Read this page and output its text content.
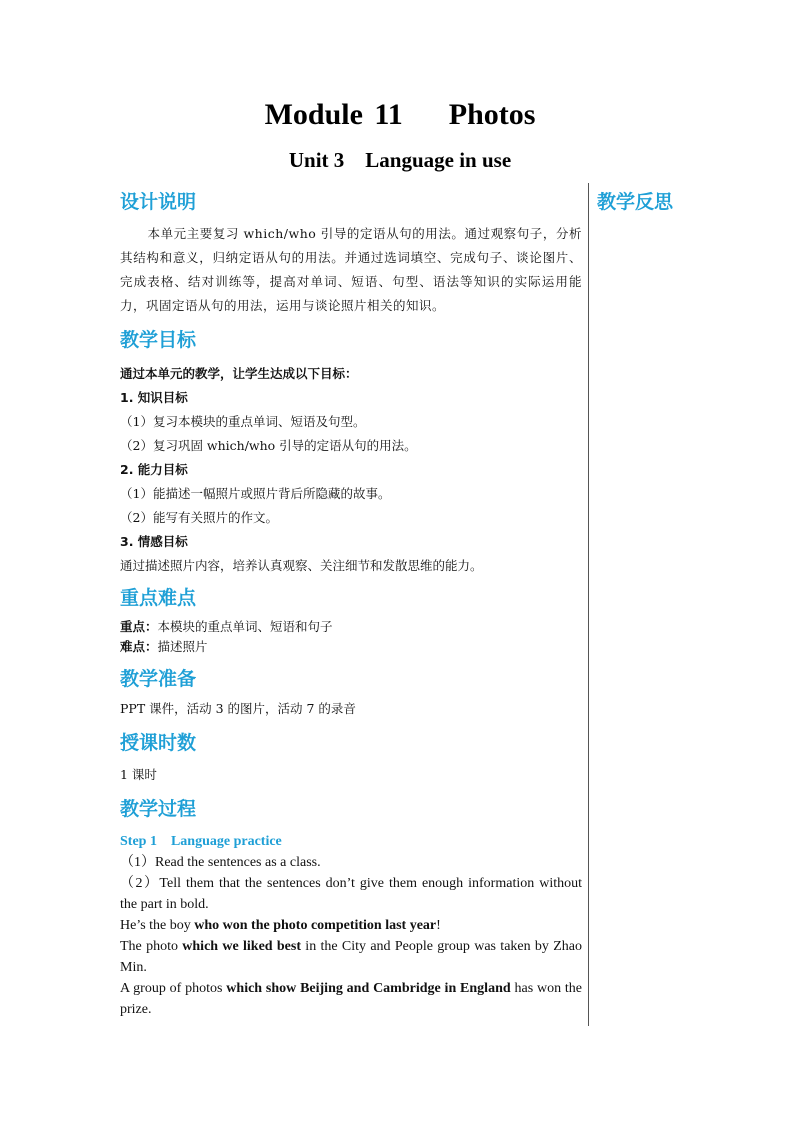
Module 11    Photos
Unit 3    Language in use
教学反思
设计说明

本单元主要复习 which/who 引导的定语从句的用法。通过观察句子，分析其结构和意义，归纳定语从句的用法。并通过选词填空、完成句子、谈论图片、完成表格、结对训练等，提高对单词、短语、句型、语法等知识的实际运用能力，巩固定语从句的用法，运用与谈论照片相关的知识。

教学目标

通过本单元的教学，让学生达成以下目标：

1. 知识目标

（1）复习本模块的重点单词、短语及句型。

（2）复习巩固 which/who 引导的定语从句的用法。

2. 能力目标

（1）能描述一幅照片或照片背后所隐藏的故事。

（2）能写有关照片的作文。

3. 情感目标

通过描述照片内容，培养认真观察、关注细节和发散思维的能力。

重点难点

重点：本模块的重点单词、短语和句子

难点：描述照片

教学准备

PPT 课件，活动 3 的图片，活动 7 的录音

授课时数

1 课时

教学过程

Step 1    Language practice

（1）Read the sentences as a class.

（2）Tell them that the sentences don’t give them enough information without the part in bold.

He’s the boy who won the photo competition last year!

The photo which we liked best in the City and People group was taken by Zhao Min.

A group of photos which show Beijing and Cambridge in England has won the prize.
